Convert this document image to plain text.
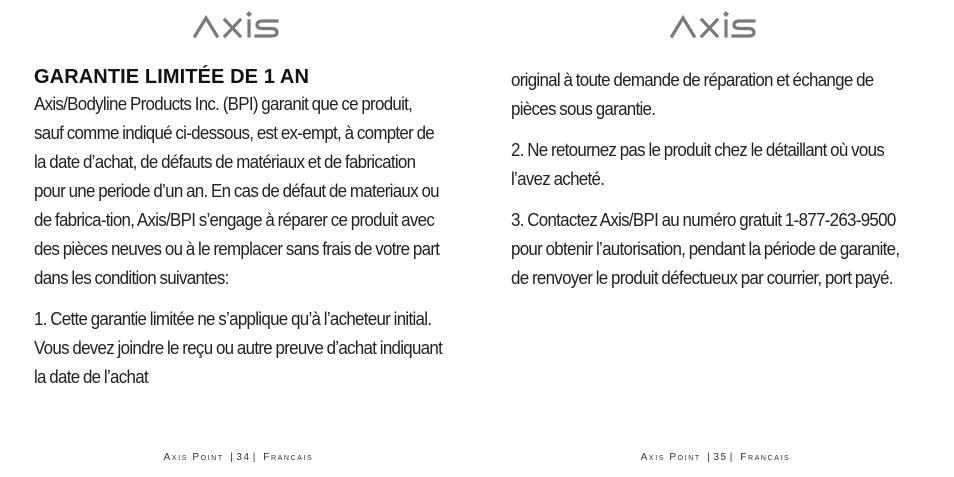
GARANTIE LIMITÉE DE 1 AN

Axis/Bodyline Products Inc. (BPI) garanit que ce produit, sauf comme indiqué ci-dessous, est ex-empt, à compter de la date d’achat, de défauts de matériaux et de fabrication pour une periode d’un an. En cas de défaut de materiaux ou de fabrica-tion, Axis/BPI s’engage à réparer ce produit avec des pièces neuves ou à le remplacer sans frais de votre part dans les condition suivantes:

1. Cette garantie limitée ne s’applique qu’à l’acheteur initial. Vous devez joindre le reçu ou autre preuve d’achat indiquant la date de l’achat

Axis Point | 34 | Francais

original à toute demande de réparation et échange de pièces sous garantie.

2. Ne retournez pas le produit chez le détaillant où vous l’avez acheté.

3. Contactez Axis/BPI au numéro gratuit 1-877-263-9500 pour obtenir l’autorisation, pendant la période de garanite, de renvoyer le produit défectueux par courrier, port payé.

Axis Point | 35 | Francais
